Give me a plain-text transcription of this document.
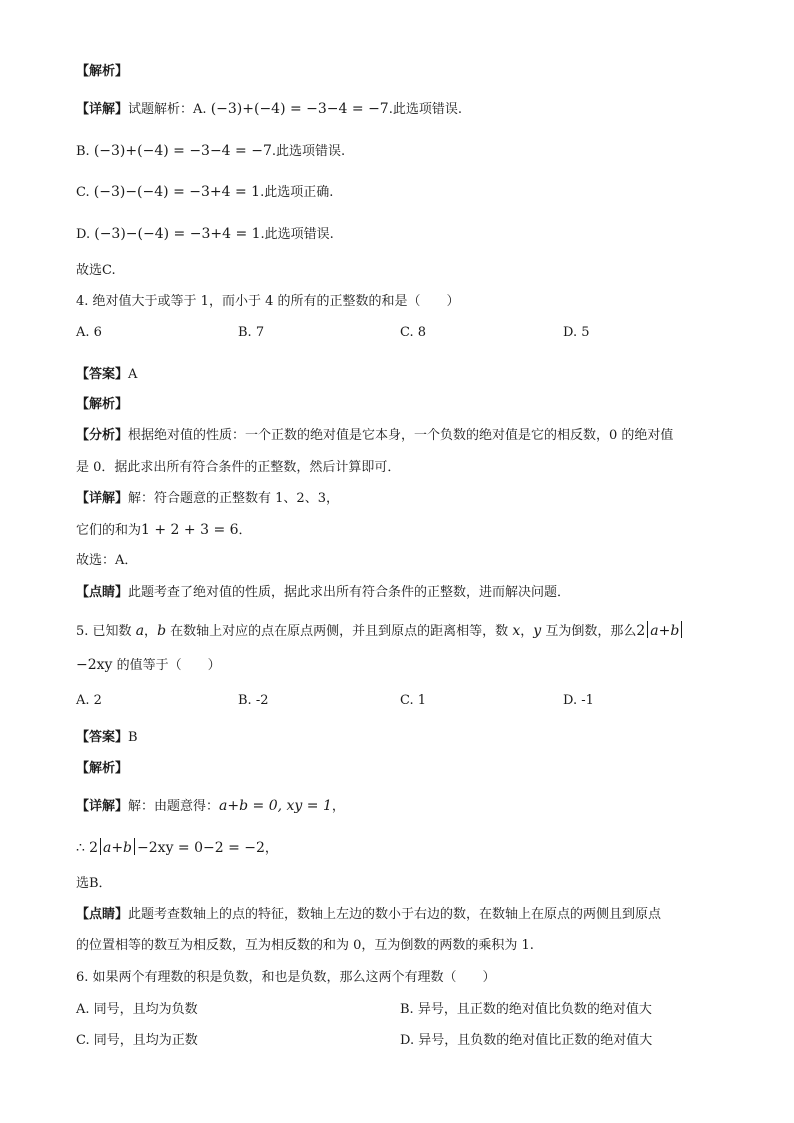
【解析】
【详解】试题解析：A. (−3)+(−4) = −3−4 = −7.此选项错误.
B. (−3)+(−4) = −3−4 = −7.此选项错误.
C. (−3)−(−4) = −3+4 = 1.此选项正确.
D. (−3)−(−4) = −3+4 = 1.此选项错误.
故选C.
4. 绝对值大于或等于 1，而小于 4 的所有的正整数的和是（　　）
A. 6	B. 7	C. 8	D. 5
【答案】A
【解析】
【分析】根据绝对值的性质：一个正数的绝对值是它本身，一个负数的绝对值是它的相反数，0 的绝对值
是 0．据此求出所有符合条件的正整数，然后计算即可．
【详解】解：符合题意的正整数有 1、2、3，
它们的和为1 + 2 + 3 = 6．
故选：A．
【点睛】此题考查了绝对值的性质，据此求出所有符合条件的正整数，进而解决问题．
5. 已知数 a，b 在数轴上对应的点在原点两侧，并且到原点的距离相等，数 x，y 互为倒数，那么2 a+b
−2xy 的值等于（　　）
A. 2	B. -2	C. 1	D. -1
【答案】B
【解析】
【详解】解：由题意得：a+b = 0, xy = 1，
∴ 2 a+b −2xy = 0−2 = −2，
选B．
【点睛】此题考查数轴上的点的特征，数轴上左边的数小于右边的数，在数轴上在原点的两侧且到原点
的位置相等的数互为相反数，互为相反数的和为 0，互为倒数的两数的乘积为 1.
6. 如果两个有理数的积是负数，和也是负数，那么这两个有理数（　　）
A. 同号，且均为负数	B. 异号，且正数的绝对值比负数的绝对值大
C. 同号，且均为正数	D. 异号，且负数的绝对值比正数的绝对值大
